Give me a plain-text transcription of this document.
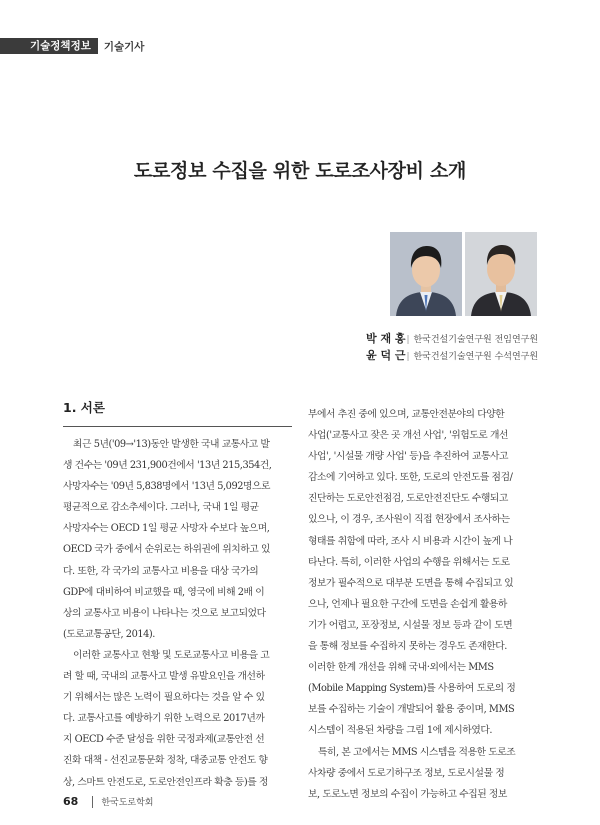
기술정책정보	기술기사
도로정보 수집을 위한 도로조사장비 소개
박 재 홍| 한국건설기술연구원 전임연구원
윤 덕 근| 한국건설기술연구원 수석연구원
1. 서론
최근 5년('09→'13)동안 발생한 국내 교통사고 발
생 건수는 '09년 231,900건에서 '13년 215,354건,
사망자수는 '09년 5,838명에서 '13년 5,092명으로
평균적으로 감소추세이다. 그러나, 국내 1일 평균
사망자수는 OECD 1일 평균 사망자 수보다 높으며,
OECD 국가 중에서 순위로는 하위권에 위치하고 있
다. 또한, 각 국가의 교통사고 비용을 대상 국가의
GDP에 대비하여 비교했을 때, 영국에 비해 2배 이
상의 교통사고 비용이 나타나는 것으로 보고되었다
(도로교통공단, 2014).
이러한 교통사고 현황 및 도로교통사고 비용을 고
려 할 때, 국내의 교통사고 발생 유발요인을 개선하
기 위해서는 많은 노력이 필요하다는 것을 알 수 있
다. 교통사고를 예방하기 위한 노력으로 2017년까
지 OECD 수준 달성을 위한 국정과제(교통안전 선
진화 대책 - 선진교통문화 정착, 대중교통 안전도 향
상, 스마트 안전도로, 도로안전인프라 확충 등)를 정
부에서 추진 중에 있으며, 교통안전분야의 다양한
사업('교통사고 잦은 곳 개선 사업', '위험도로 개선
사업', '시설물 개량 사업' 등)을 추진하여 교통사고
감소에 기여하고 있다. 또한, 도로의 안전도를 점검/
진단하는 도로안전점검, 도로안전진단도 수행되고
있으나, 이 경우, 조사원이 직접 현장에서 조사하는
형태를 취함에 따라, 조사 시 비용과 시간이 높게 나
타난다. 특히, 이러한 사업의 수행을 위해서는 도로
정보가 필수적으로 대부분 도면을 통해 수집되고 있
으나, 언제나 필요한 구간에 도면을 손쉽게 활용하
기가 어렵고, 포장정보, 시설물 정보 등과 같이 도면
을 통해 정보를 수집하지 못하는 경우도 존재한다.
이러한 한계 개선을 위해 국내·외에서는 MMS
(Mobile Mapping System)를 사용하여 도로의 정
보를 수집하는 기술이 개발되어 활용 중이며, MMS
시스템이 적용된 차량을 그림 1에 제시하였다.
특히, 본 고에서는 MMS 시스템을 적용한 도로조
사차량 중에서 도로기하구조 정보, 도로시설물 정
보, 도로노면 정보의 수집이 가능하고 수집된 정보
68	한국도로학회
